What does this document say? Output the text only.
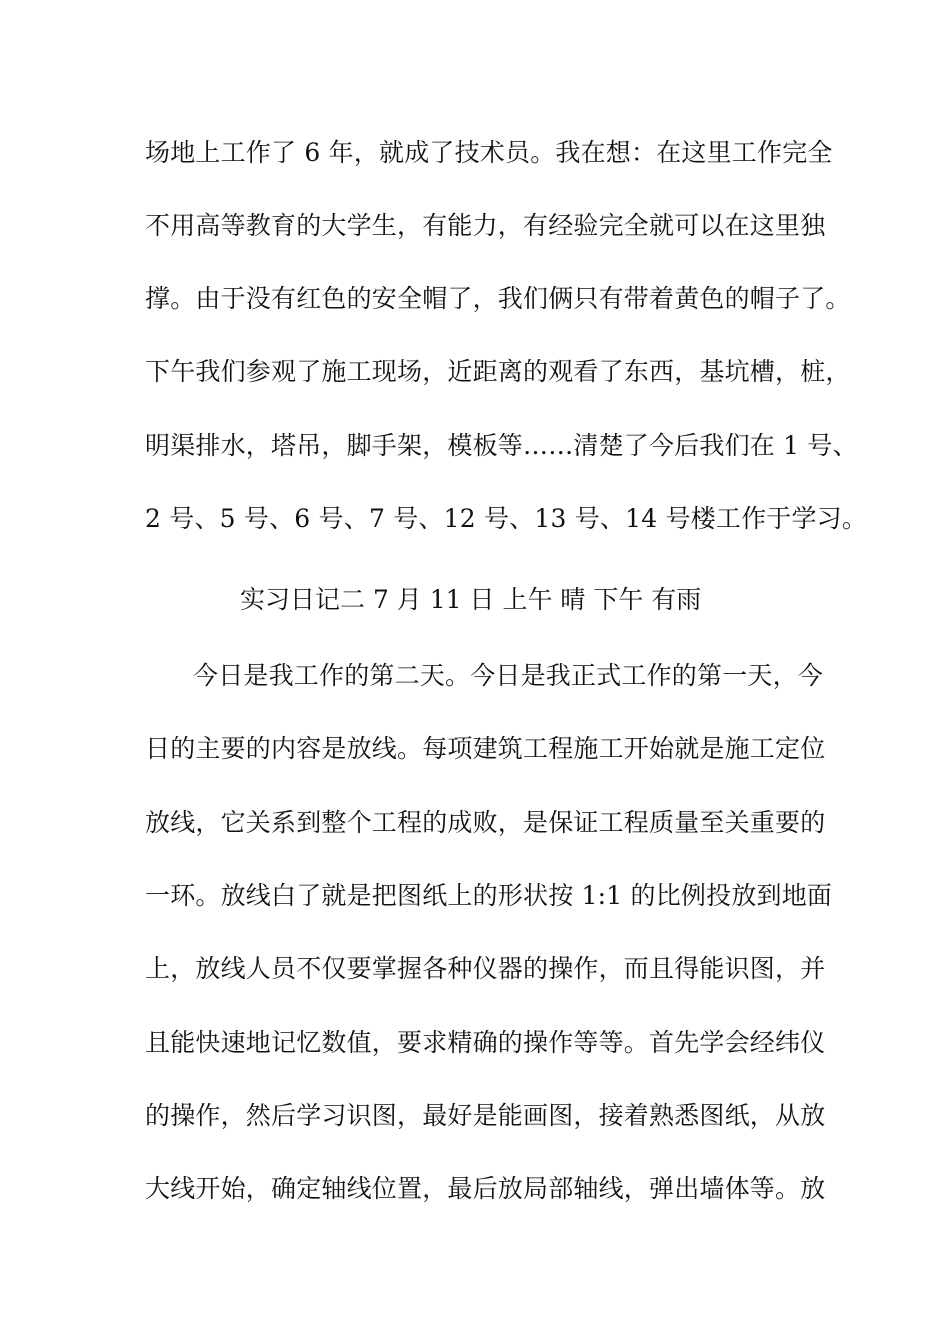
场地上工作了 6 年，就成了技术员。我在想：在这里工作完全
不用高等教育的大学生，有能力，有经验完全就可以在这里独
撑。由于没有红色的安全帽了，我们俩只有带着黄色的帽子了。
下午我们参观了施工现场，近距离的观看了东西，基坑槽，桩，
明渠排水，塔吊，脚手架，模板等……清楚了今后我们在 1 号、
2 号、5 号、6 号、7 号、12 号、13 号、14 号楼工作于学习。
实习日记二 7 月 11 日 上午 晴 下午 有雨
今日是我工作的第二天。今日是我正式工作的第一天，今
日的主要的内容是放线。每项建筑工程施工开始就是施工定位
放线，它关系到整个工程的成败，是保证工程质量至关重要的
一环。放线白了就是把图纸上的形状按 1:1 的比例投放到地面
上，放线人员不仅要掌握各种仪器的操作，而且得能识图，并
且能快速地记忆数值，要求精确的操作等等。首先学会经纬仪
的操作，然后学习识图，最好是能画图，接着熟悉图纸，从放
大线开始，确定轴线位置，最后放局部轴线，弹出墙体等。放
